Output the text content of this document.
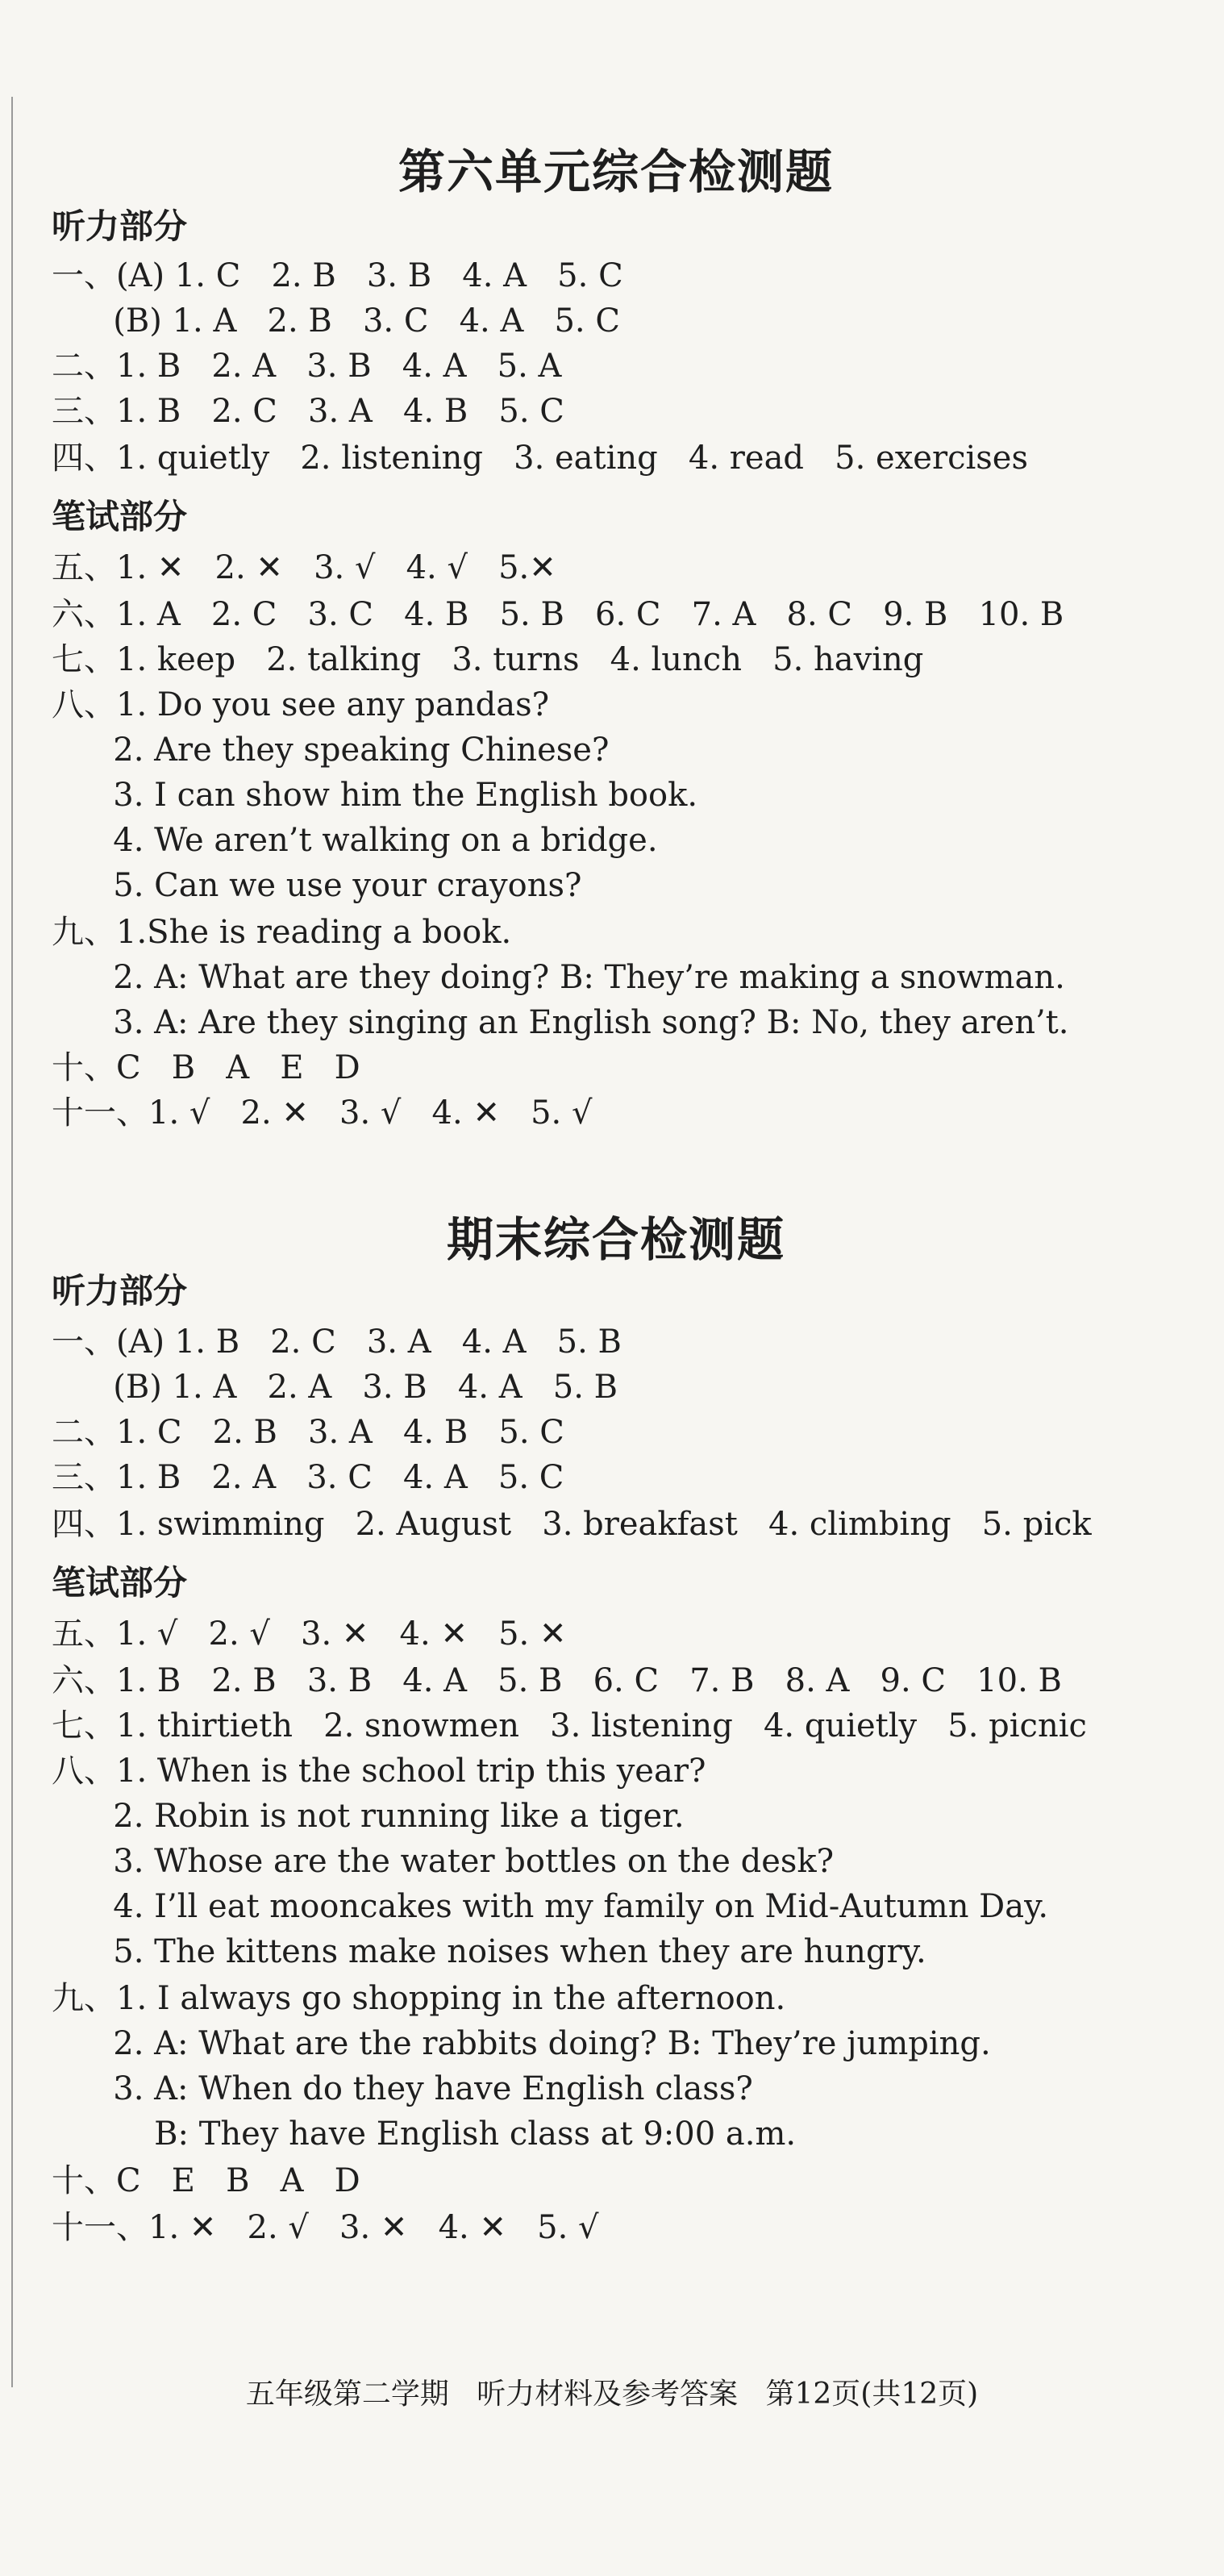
第六单元综合检测题
听力部分
一、(A) 1. C   2. B   3. B   4. A   5. C
(B) 1. A   2. B   3. C   4. A   5. C
二、1. B   2. A   3. B   4. A   5. A
三、1. B   2. C   3. A   4. B   5. C
四、1. quietly   2. listening   3. eating   4. read   5. exercises
笔试部分
五、1. ✕   2. ✕   3. √   4. √   5.✕
六、1. A   2. C   3. C   4. B   5. B   6. C   7. A   8. C   9. B   10. B
七、1. keep   2. talking   3. turns   4. lunch   5. having
八、1. Do you see any pandas?
2. Are they speaking Chinese?
3. I can show him the English book.
4. We aren’t walking on a bridge.
5. Can we use your crayons?
九、1.She is reading a book.
2. A: What are they doing? B: They’re making a snowman.
3. A: Are they singing an English song? B: No, they aren’t.
十、C   B   A   E   D
十一、1. √   2. ✕   3. √   4. ✕   5. √
期末综合检测题
听力部分
一、(A) 1. B   2. C   3. A   4. A   5. B
(B) 1. A   2. A   3. B   4. A   5. B
二、1. C   2. B   3. A   4. B   5. C
三、1. B   2. A   3. C   4. A   5. C
四、1. swimming   2. August   3. breakfast   4. climbing   5. pick
笔试部分
五、1. √   2. √   3. ✕   4. ✕   5. ✕
六、1. B   2. B   3. B   4. A   5. B   6. C   7. B   8. A   9. C   10. B
七、1. thirtieth   2. snowmen   3. listening   4. quietly   5. picnic
八、1. When is the school trip this year?
2. Robin is not running like a tiger.
3. Whose are the water bottles on the desk?
4. I’ll eat mooncakes with my family on Mid-Autumn Day.
5. The kittens make noises when they are hungry.
九、1. I always go shopping in the afternoon.
2. A: What are the rabbits doing? B: They’re jumping.
3. A: When do they have English class?
B: They have English class at 9:00 a.m.
十、C   E   B   A   D
十一、1. ✕   2. √   3. ✕   4. ✕   5. √
五年级第二学期   听力材料及参考答案   第12页(共12页)
